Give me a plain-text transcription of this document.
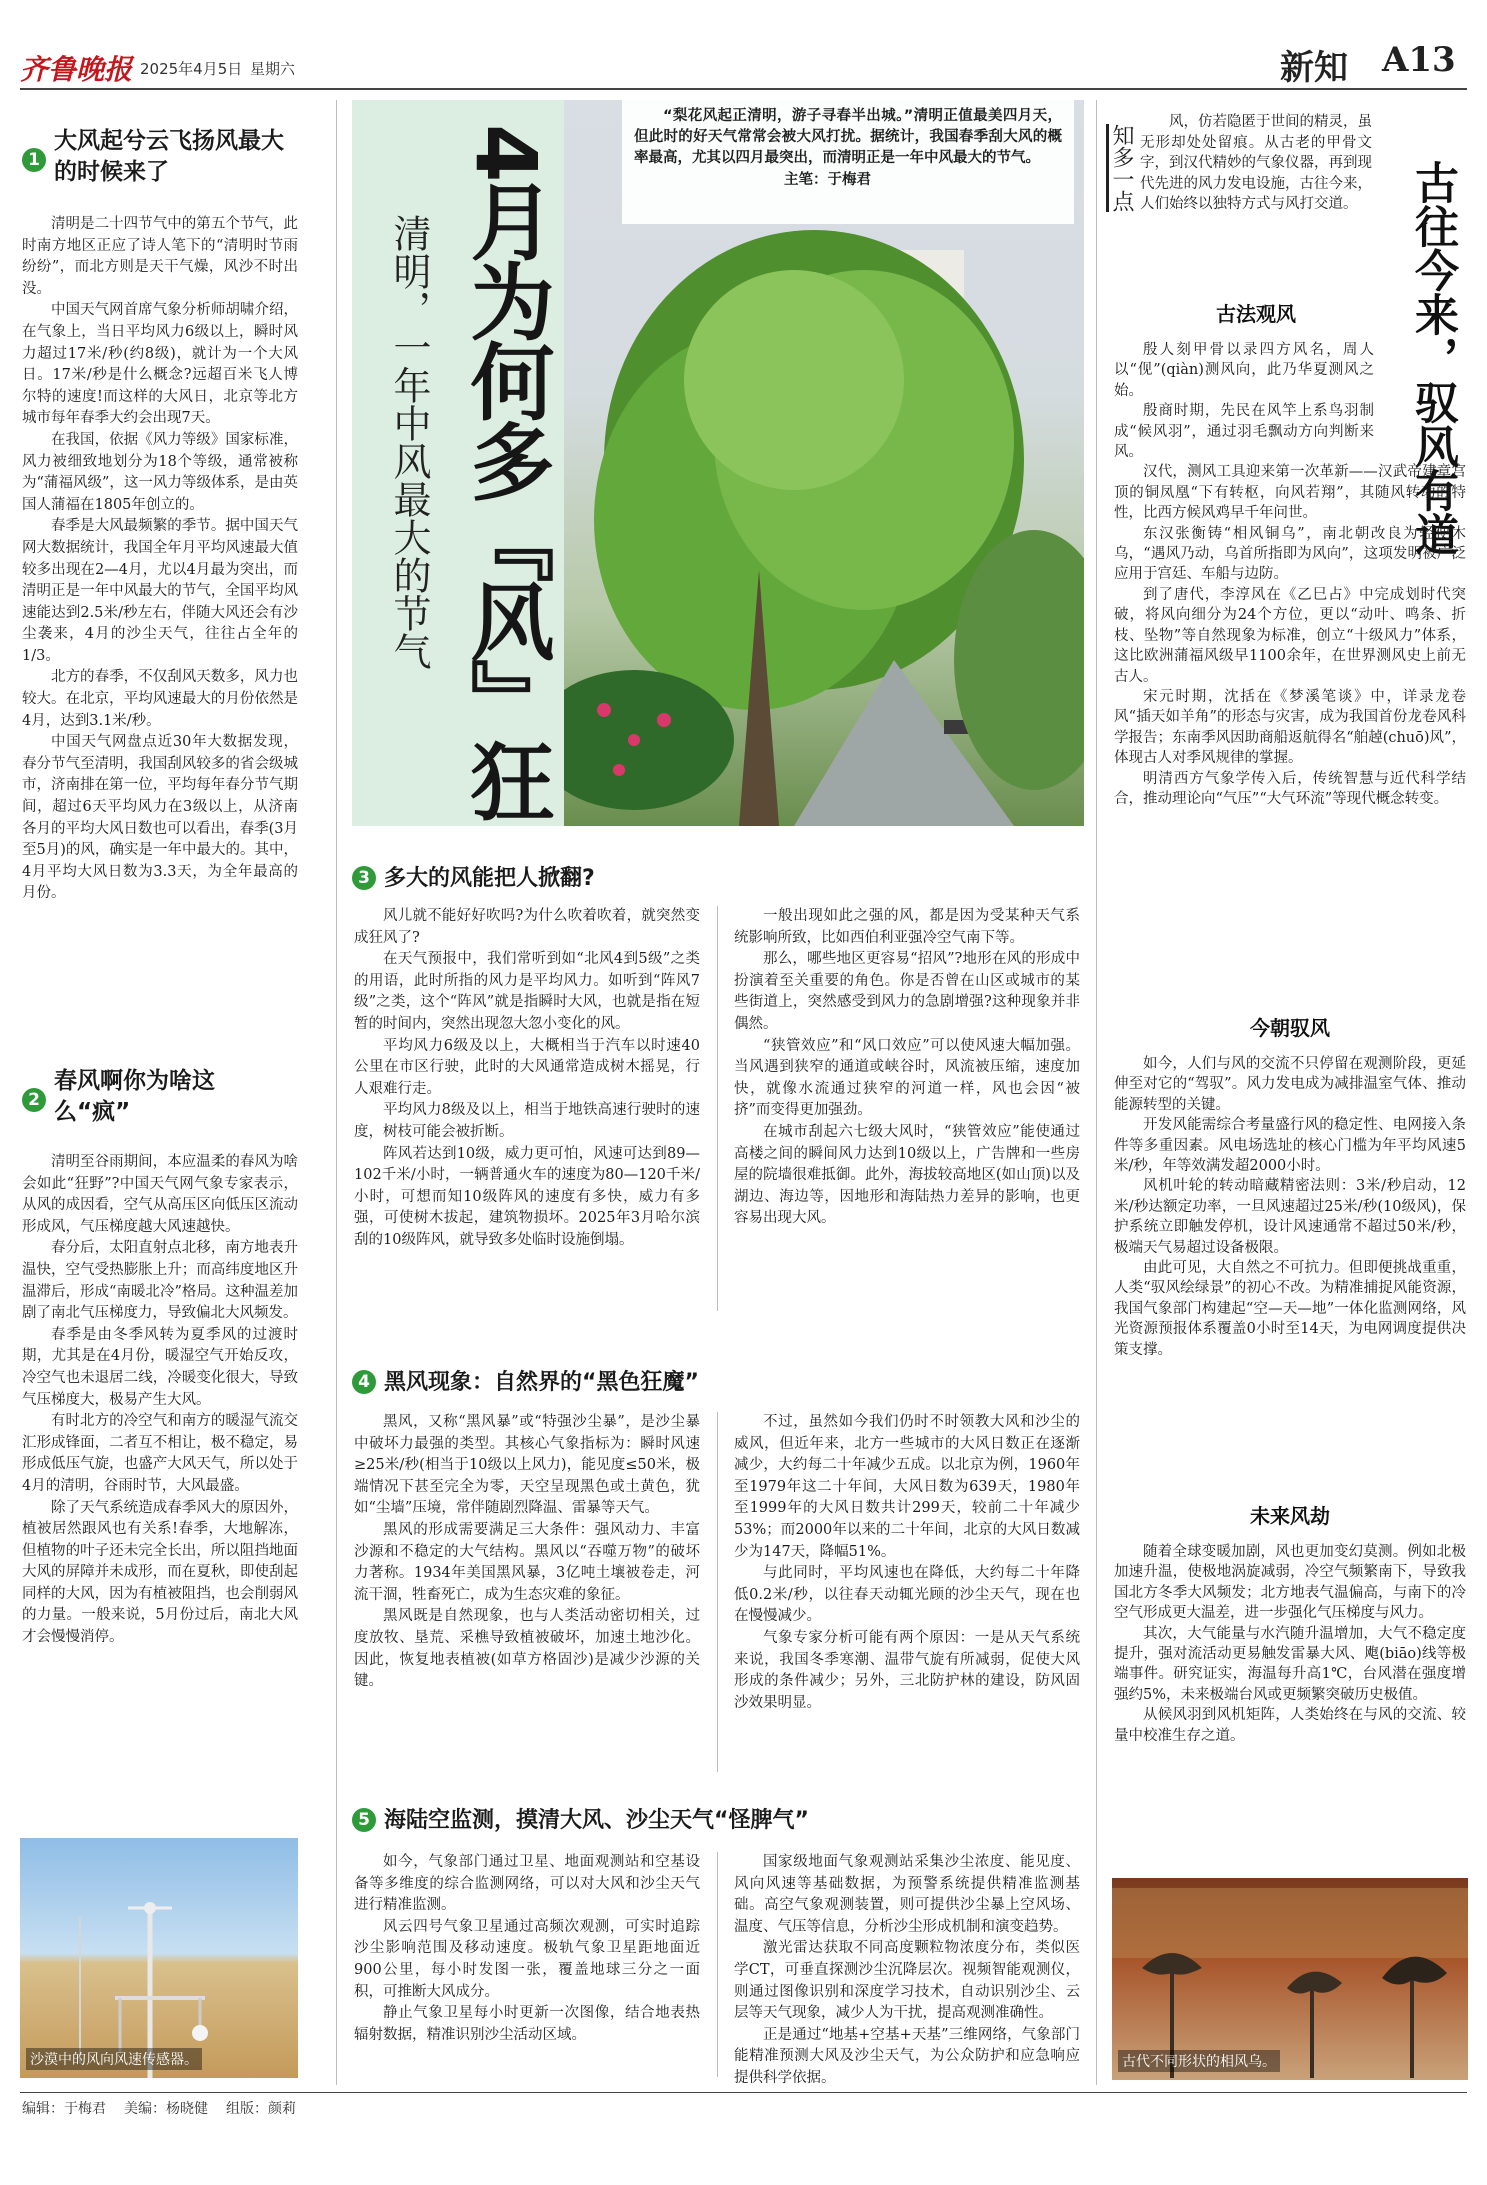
齐鲁晚报 2025年4月5日 星期六	新知 A13
1
大风起兮云飞扬风最大的时候来了

清明是二十四节气中的第五个节气，此时南方地区正应了诗人笔下的“清明时节雨纷纷”，而北方则是天干气燥，风沙不时出没。

中国天气网首席气象分析师胡啸介绍，在气象上，当日平均风力6级以上，瞬时风力超过17米/秒(约8级)，就计为一个大风日。17米/秒是什么概念?远超百米飞人博尔特的速度!而这样的大风日，北京等北方城市每年春季大约会出现7天。

在我国，依据《风力等级》国家标准，风力被细致地划分为18个等级，通常被称为“蒲福风级”，这一风力等级体系，是由英国人蒲福在1805年创立的。

春季是大风最频繁的季节。据中国天气网大数据统计，我国全年月平均风速最大值较多出现在2—4月，尤以4月最为突出，而清明正是一年中风最大的节气，全国平均风速能达到2.5米/秒左右，伴随大风还会有沙尘袭来，4月的沙尘天气，往往占全年的1/3。

北方的春季，不仅刮风天数多，风力也较大。在北京，平均风速最大的月份依然是4月，达到3.1米/秒。

中国天气网盘点近30年大数据发现，春分节气至清明，我国刮风较多的省会级城市，济南排在第一位，平均每年春分节气期间，超过6天平均风力在3级以上，从济南各月的平均大风日数也可以看出，春季(3月至5月)的风，确实是一年中最大的。其中，4月平均大风日数为3.3天，为全年最高的月份。

2
春风啊你为啥这么“疯”

清明至谷雨期间，本应温柔的春风为啥会如此“狂野”?中国天气网气象专家表示，从风的成因看，空气从高压区向低压区流动形成风，气压梯度越大风速越快。

春分后，太阳直射点北移，南方地表升温快，空气受热膨胀上升；而高纬度地区升温滞后，形成“南暖北冷”格局。这种温差加剧了南北气压梯度力，导致偏北大风频发。

春季是由冬季风转为夏季风的过渡时期，尤其是在4月份，暖湿空气开始反攻，冷空气也未退居二线，冷暖变化很大，导致气压梯度大，极易产生大风。

有时北方的冷空气和南方的暖湿气流交汇形成锋面，二者互不相让，极不稳定，易形成低压气旋，也盛产大风天气，所以处于4月的清明，谷雨时节，大风最盛。

除了天气系统造成春季风大的原因外，植被居然跟风也有关系!春季，大地解冻，但植物的叶子还未完全长出，所以阻挡地面大风的屏障并未成形，而在夏秋，即使刮起同样的大风，因为有植被阻挡，也会削弱风的力量。一般来说，5月份过后，南北大风才会慢慢消停。

沙漠中的风向风速传感器。
4月为何多『风』狂
清明，一年中风最大的节气
“梨花风起正清明，游子寻春半出城。”清明正值最美四月天，但此时的好天气常常会被大风打扰。据统计，我国春季刮大风的概率最高，尤其以四月最突出，而清明正是一年中风最大的节气。
主笔：于梅君
3 多大的风能把人掀翻?

风儿就不能好好吹吗?为什么吹着吹着，就突然变成狂风了?

在天气预报中，我们常听到如“北风4到5级”之类的用语，此时所指的风力是平均风力。如听到“阵风7级”之类，这个“阵风”就是指瞬时大风，也就是指在短暂的时间内，突然出现忽大忽小变化的风。

平均风力6级及以上，大概相当于汽车以时速40公里在市区行驶，此时的大风通常造成树木摇晃，行人艰难行走。

平均风力8级及以上，相当于地铁高速行驶时的速度，树枝可能会被折断。

阵风若达到10级，威力更可怕，风速可达到89—102千米/小时，一辆普通火车的速度为80—120千米/小时，可想而知10级阵风的速度有多快，威力有多强，可使树木拔起，建筑物损坏。2025年3月哈尔滨刮的10级阵风，就导致多处临时设施倒塌。

一般出现如此之强的风，都是因为受某种天气系统影响所致，比如西伯利亚强冷空气南下等。

那么，哪些地区更容易“招风”?地形在风的形成中扮演着至关重要的角色。你是否曾在山区或城市的某些街道上，突然感受到风力的急剧增强?这种现象并非偶然。

“狭管效应”和“风口效应”可以使风速大幅加强。当风遇到狭窄的通道或峡谷时，风流被压缩，速度加快，就像水流通过狭窄的河道一样，风也会因“被挤”而变得更加强劲。

在城市刮起六七级大风时，“狭管效应”能使通过高楼之间的瞬间风力达到10级以上，广告牌和一些房屋的院墙很难抵御。此外，海拔较高地区(如山顶)以及湖边、海边等，因地形和海陆热力差异的影响，也更容易出现大风。

4 黑风现象：自然界的“黑色狂魔”

黑风，又称“黑风暴”或“特强沙尘暴”，是沙尘暴中破坏力最强的类型。其核心气象指标为：瞬时风速≥25米/秒(相当于10级以上风力)，能见度≤50米，极端情况下甚至完全为零，天空呈现黑色或土黄色，犹如“尘墙”压境，常伴随剧烈降温、雷暴等天气。

黑风的形成需要满足三大条件：强风动力、丰富沙源和不稳定的大气结构。黑风以“吞噬万物”的破坏力著称。1934年美国黑风暴，3亿吨土壤被卷走，河流干涸，牲畜死亡，成为生态灾难的象征。

黑风既是自然现象，也与人类活动密切相关，过度放牧、垦荒、采樵导致植被破坏，加速土地沙化。因此，恢复地表植被(如草方格固沙)是减少沙源的关键。

不过，虽然如今我们仍时不时领教大风和沙尘的威风，但近年来，北方一些城市的大风日数正在逐渐减少，大约每二十年减少五成。以北京为例，1960年至1979年这二十年间，大风日数为639天，1980年至1999年的大风日数共计299天，较前二十年减少53%；而2000年以来的二十年间，北京的大风日数减少为147天，降幅51%。

与此同时，平均风速也在降低，大约每二十年降低0.2米/秒，以往春天动辄光顾的沙尘天气，现在也在慢慢减少。

气象专家分析可能有两个原因：一是从天气系统来说，我国冬季寒潮、温带气旋有所减弱，促使大风形成的条件减少；另外，三北防护林的建设，防风固沙效果明显。

5 海陆空监测，摸清大风、沙尘天气“怪脾气”

如今，气象部门通过卫星、地面观测站和空基设备等多维度的综合监测网络，可以对大风和沙尘天气进行精准监测。

风云四号气象卫星通过高频次观测，可实时追踪沙尘影响范围及移动速度。极轨气象卫星距地面近900公里，每小时发图一张，覆盖地球三分之一面积，可推断大风成分。

静止气象卫星每小时更新一次图像，结合地表热辐射数据，精准识别沙尘活动区域。

国家级地面气象观测站采集沙尘浓度、能见度、风向风速等基础数据，为预警系统提供精准监测基础。高空气象观测装置，则可提供沙尘暴上空风场、温度、气压等信息，分析沙尘形成机制和演变趋势。

激光雷达获取不同高度颗粒物浓度分布，类似医学CT，可垂直探测沙尘沉降层次。视频智能观测仪，则通过图像识别和深度学习技术，自动识别沙尘、云层等天气现象，减少人为干扰，提高观测准确性。

正是通过“地基+空基+天基”三维网络，气象部门能精准预测大风及沙尘天气，为公众防护和应急响应提供科学依据。

知多一点	古往今来，驭风有道

风，仿若隐匿于世间的精灵，虽无形却处处留痕。从古老的甲骨文字，到汉代精妙的气象仪器，再到现代先进的风力发电设施，古往今来，人们始终以独特方式与风打交道。

古法观风

殷人刻甲骨以录四方风名，周人以“伣”(qiàn)测风向，此乃华夏测风之始。

殷商时期，先民在风竿上系鸟羽制成“候风羽”，通过羽毛飘动方向判断来风。

汉代，测风工具迎来第一次革新——汉武帝建章宫顶的铜凤凰“下有转枢，向风若翔”，其随风转动的特性，比西方候风鸡早千年问世。

东汉张衡铸“相风铜乌”，南北朝改良为轻便木乌，“遇风乃动，乌首所指即为风向”，这项发明被广泛应用于宫廷、车船与边防。

到了唐代，李淳风在《乙巳占》中完成划时代突破，将风向细分为24个方位，更以“动叶、鸣条、折枝、坠物”等自然现象为标准，创立“十级风力”体系，这比欧洲蒲福风级早1100余年，在世界测风史上前无古人。

宋元时期，沈括在《梦溪笔谈》中，详录龙卷风“插天如羊角”的形态与灾害，成为我国首份龙卷风科学报告；东南季风因助商船返航得名“舶趠(chuō)风”，体现古人对季风规律的掌握。

明清西方气象学传入后，传统智慧与近代科学结合，推动理论向“气压”“大气环流”等现代概念转变。

今朝驭风

如今，人们与风的交流不只停留在观测阶段，更延伸至对它的“驾驭”。风力发电成为减排温室气体、推动能源转型的关键。

开发风能需综合考量盛行风的稳定性、电网接入条件等多重因素。风电场选址的核心门槛为年平均风速5米/秒，年等效满发超2000小时。

风机叶轮的转动暗藏精密法则：3米/秒启动，12米/秒达额定功率，一旦风速超过25米/秒(10级风)，保护系统立即触发停机，设计风速通常不超过50米/秒，极端天气易超过设备极限。

由此可见，大自然之不可抗力。但即便挑战重重，人类“驭风绘绿景”的初心不改。为精准捕捉风能资源，我国气象部门构建起“空—天—地”一体化监测网络，风光资源预报体系覆盖0小时至14天，为电网调度提供决策支撑。

未来风劫

随着全球变暖加剧，风也更加变幻莫测。例如北极加速升温，使极地涡旋减弱，冷空气频繁南下，导致我国北方冬季大风频发；北方地表气温偏高，与南下的冷空气形成更大温差，进一步强化气压梯度与风力。

其次，大气能量与水汽随升温增加，大气不稳定度提升，强对流活动更易触发雷暴大风、飑(biāo)线等极端事件。研究证实，海温每升高1℃，台风潜在强度增强约5%，未来极端台风或更频繁突破历史极值。

从候风羽到风机矩阵，人类始终在与风的交流、较量中校准生存之道。

古代不同形状的相风乌。
编辑：于梅君 美编：杨晓健 组版：颜莉
